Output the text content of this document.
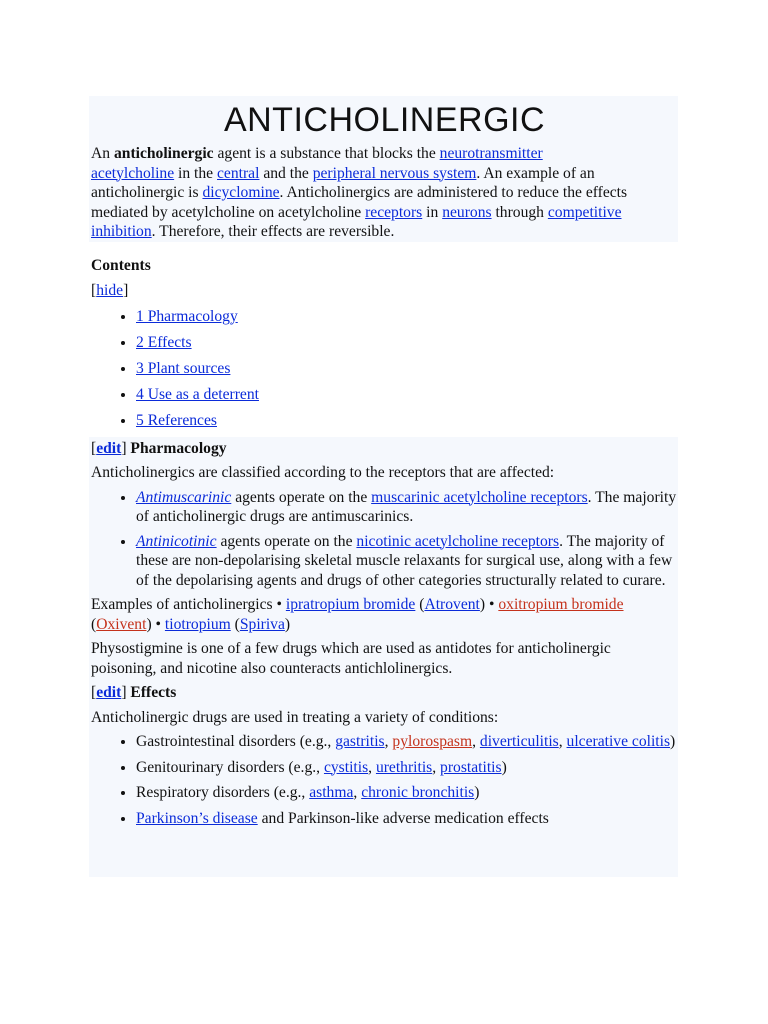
ANTICHOLINERGIC

An anticholinergic agent is a substance that blocks the neurotransmitter
acetylcholine in the central and the peripheral nervous system. An example of an anticholinergic is dicyclomine. Anticholinergics are administered to reduce the effects mediated by acetylcholine on acetylcholine receptors in neurons through competitive inhibition. Therefore, their effects are reversible.

Contents

[hide]

• 1 Pharmacology
• 2 Effects
• 3 Plant sources
• 4 Use as a deterrent
• 5 References

[edit] Pharmacology

Anticholinergics are classified according to the receptors that are affected:

• Antimuscarinic agents operate on the muscarinic acetylcholine receptors. The majority of anticholinergic drugs are antimuscarinics.
• Antinicotinic agents operate on the nicotinic acetylcholine receptors. The majority of these are non-depolarising skeletal muscle relaxants for surgical use, along with a few of the depolarising agents and drugs of other categories structurally related to curare.

Examples of anticholinergics • ipratropium bromide (Atrovent) • oxitropium bromide (Oxivent) • tiotropium (Spiriva)

Physostigmine is one of a few drugs which are used as antidotes for anticholinergic poisoning, and nicotine also counteracts antichlolinergics.

[edit] Effects

Anticholinergic drugs are used in treating a variety of conditions:

• Gastrointestinal disorders (e.g., gastritis, pylorospasm, diverticulitis, ulcerative colitis)
• Genitourinary disorders (e.g., cystitis, urethritis, prostatitis)
• Respiratory disorders (e.g., asthma, chronic bronchitis)
• Parkinson’s disease and Parkinson-like adverse medication effects
